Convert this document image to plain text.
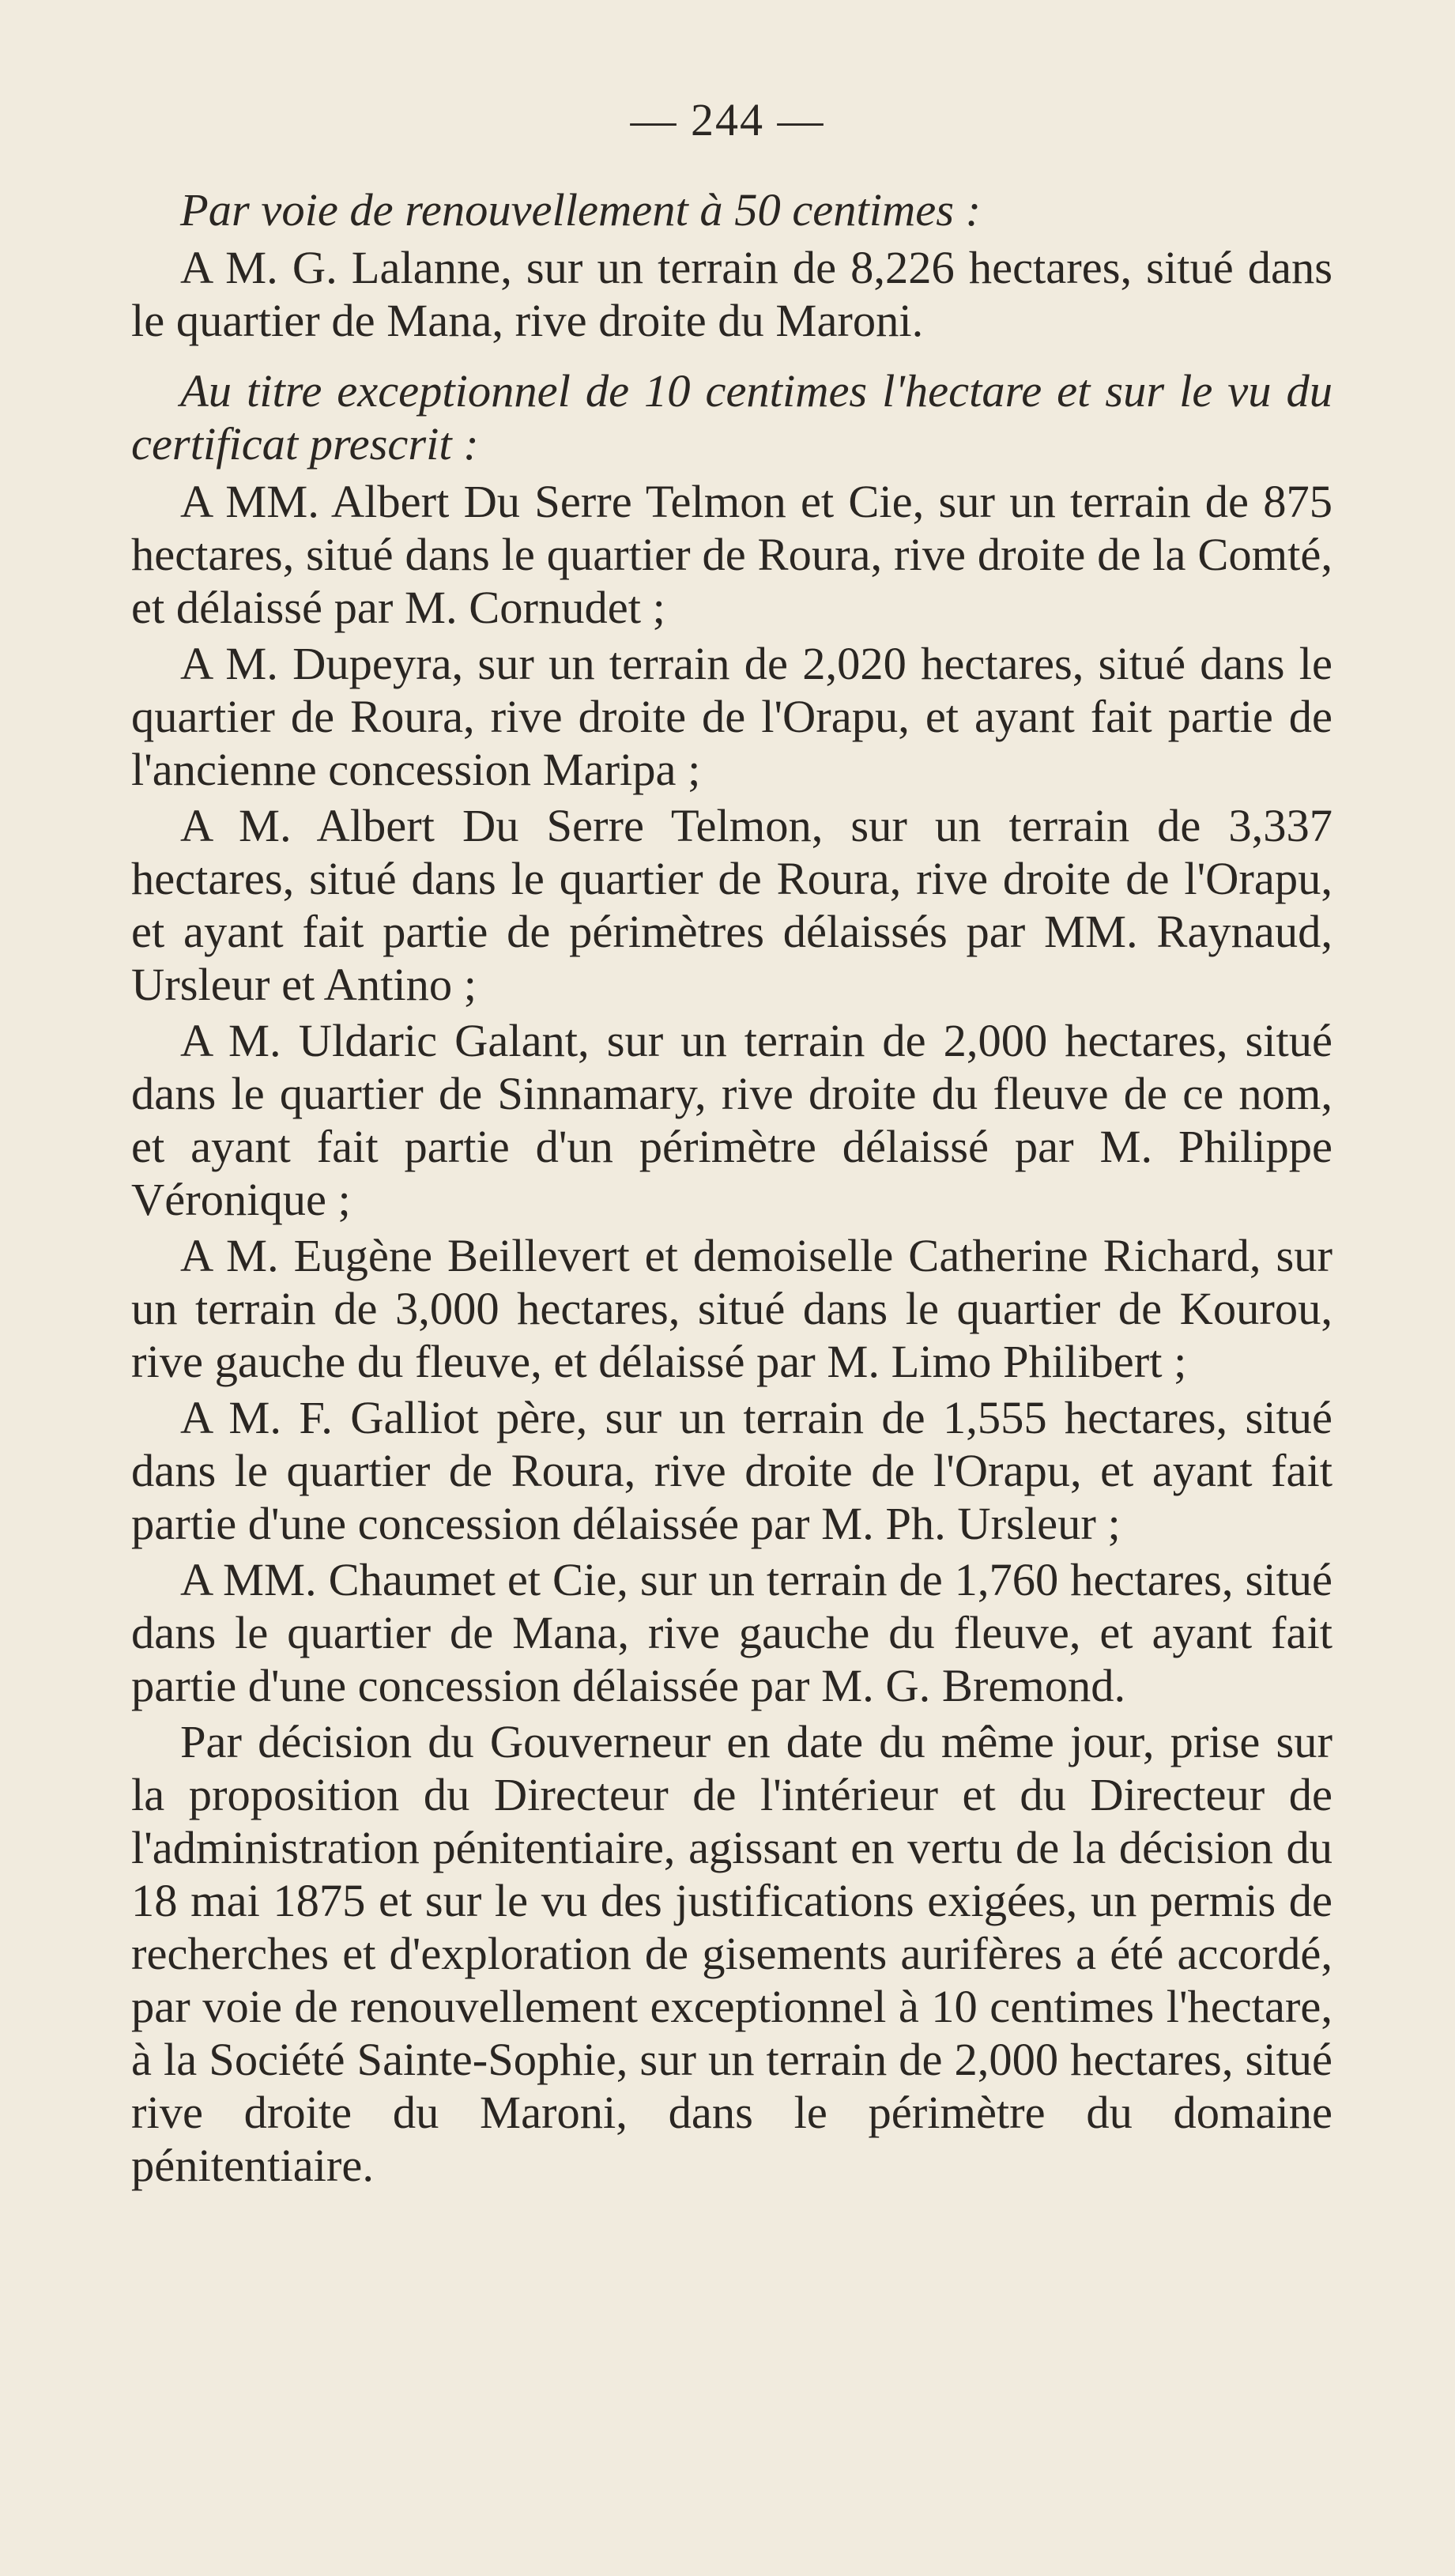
— 244 —

Par voie de renouvellement à 50 centimes :

A M. G. Lalanne, sur un terrain de 8,226 hectares, situé dans le quartier de Mana, rive droite du Maroni.

Au titre exceptionnel de 10 centimes l'hectare et sur le vu du certificat prescrit :

A MM. Albert Du Serre Telmon et Cie, sur un terrain de 875 hectares, situé dans le quartier de Roura, rive droite de la Comté, et délaissé par M. Cornudet ;

A M. Dupeyra, sur un terrain de 2,020 hectares, situé dans le quartier de Roura, rive droite de l'Orapu, et ayant fait partie de l'ancienne concession Maripa ;

A M. Albert Du Serre Telmon, sur un terrain de 3,337 hectares, situé dans le quartier de Roura, rive droite de l'Orapu, et ayant fait partie de périmètres délaissés par MM. Raynaud, Ursleur et Antino ;

A M. Uldaric Galant, sur un terrain de 2,000 hectares, situé dans le quartier de Sinnamary, rive droite du fleuve de ce nom, et ayant fait partie d'un périmètre délaissé par M. Philippe Véronique ;

A M. Eugène Beillevert et demoiselle Catherine Richard, sur un terrain de 3,000 hectares, situé dans le quartier de Kourou, rive gauche du fleuve, et délaissé par M. Limo Philibert ;

A M. F. Galliot père, sur un terrain de 1,555 hectares, situé dans le quartier de Roura, rive droite de l'Orapu, et ayant fait partie d'une concession délaissée par M. Ph. Ursleur ;

A MM. Chaumet et Cie, sur un terrain de 1,760 hectares, situé dans le quartier de Mana, rive gauche du fleuve, et ayant fait partie d'une concession délaissée par M. G. Bremond.

Par décision du Gouverneur en date du même jour, prise sur la proposition du Directeur de l'intérieur et du Directeur de l'administration pénitentiaire, agissant en vertu de la décision du 18 mai 1875 et sur le vu des justifications exigées, un permis de recherches et d'exploration de gisements aurifères a été accordé, par voie de renouvellement exceptionnel à 10 centimes l'hectare, à la Société Sainte-Sophie, sur un terrain de 2,000 hectares, situé rive droite du Maroni, dans le périmètre du domaine pénitentiaire.
